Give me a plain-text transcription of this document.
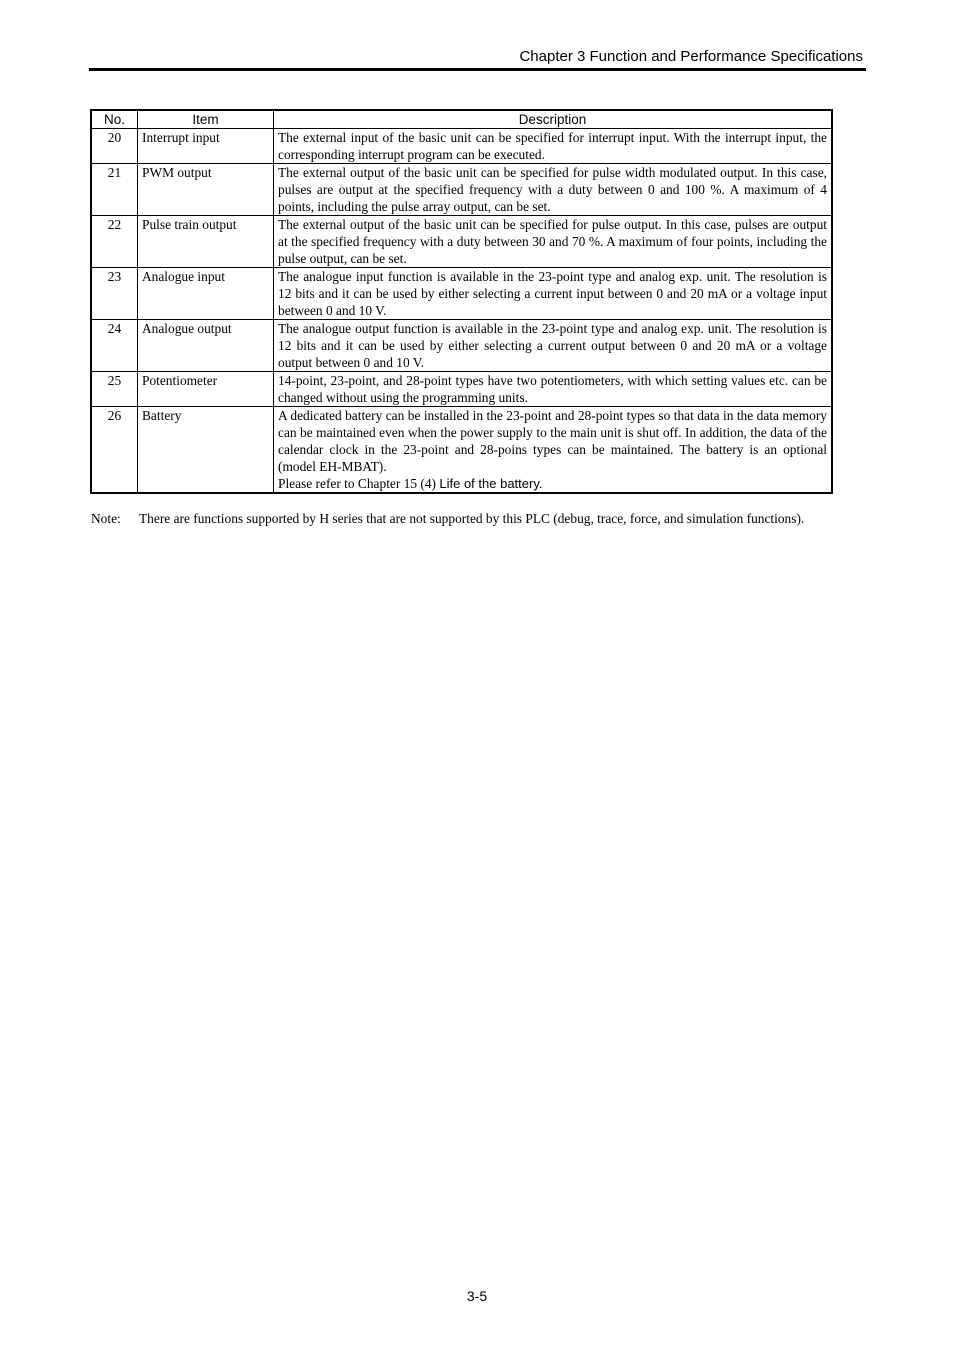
Chapter 3 Function and Performance Specifications
No.	Item	Description
20	Interrupt input	The external input of the basic unit can be specified for interrupt input. With the interrupt input, the corresponding interrupt program can be executed.
21	PWM output	The external output of the basic unit can be specified for pulse width modulated output. In this case, pulses are output at the specified frequency with a duty between 0 and 100 %. A maximum of 4 points, including the pulse array output, can be set.
22	Pulse train output	The external output of the basic unit can be specified for pulse output. In this case, pulses are output at the specified frequency with a duty between 30 and 70 %. A maximum of four points, including the pulse output, can be set.
23	Analogue input	The analogue input function is available in the 23-point type and analog exp. unit. The resolution is 12 bits and it can be used by either selecting a current input between 0 and 20 mA or a voltage input between 0 and 10 V.
24	Analogue output	The analogue output function is available in the 23-point type and analog exp. unit. The resolution is 12 bits and it can be used by either selecting a current output between 0 and 20 mA or a voltage output between 0 and 10 V.
25	Potentiometer	14-point, 23-point, and 28-point types have two potentiometers, with which setting values etc. can be changed without using the programming units.
26	Battery	A dedicated battery can be installed in the 23-point and 28-point types so that data in the data memory can be maintained even when the power supply to the main unit is shut off. In addition, the data of the calendar clock in the 23-point and 28-poins types can be maintained. The battery is an optional (model EH-MBAT).
Please refer to Chapter 15 (4) Life of the battery.
Note: There are functions supported by H series that are not supported by this PLC (debug, trace, force, and simulation functions).
3-5
